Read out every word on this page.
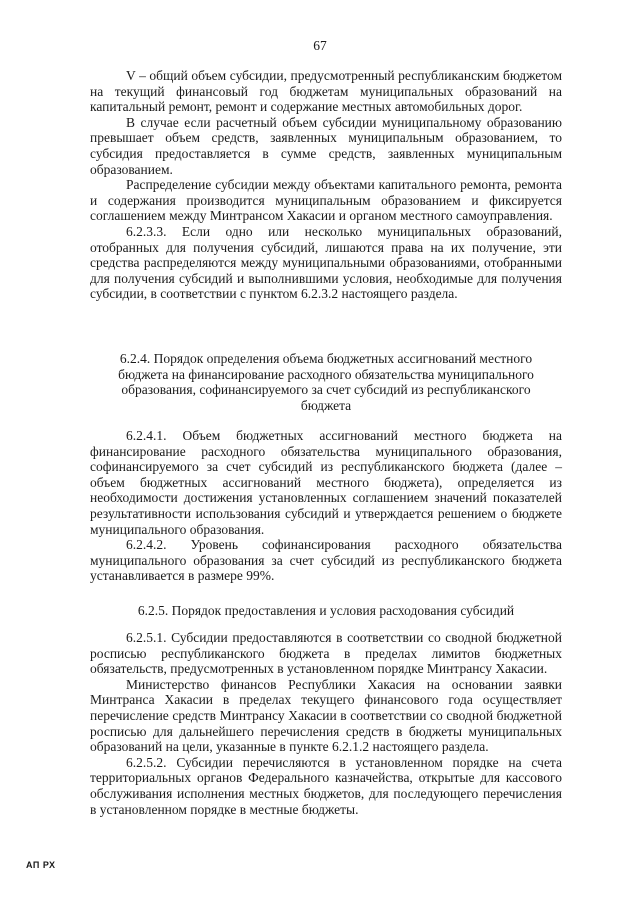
67

V – общий объем субсидии, предусмотренный республиканским бюджетом на текущий финансовый год бюджетам муниципальных образований на капитальный ремонт, ремонт и содержание местных автомобильных дорог.

В случае если расчетный объем субсидии муниципальному образованию превышает объем средств, заявленных муниципальным образованием, то субсидия предоставляется в сумме средств, заявленных муниципальным образованием.

Распределение субсидии между объектами капитального ремонта, ремонта и содержания производится муниципальным образованием и фиксируется соглашением между Минтрансом Хакасии и органом местного самоуправления.

6.2.3.3. Если одно или несколько муниципальных образований, отобранных для получения субсидий, лишаются права на их получение, эти средства распределяются между муниципальными образованиями, отобранными для получения субсидий и выполнившими условия, необходимые для получения субсидии, в соответствии с пунктом 6.2.3.2 настоящего раздела.

6.2.4. Порядок определения объема бюджетных ассигнований местного бюджета на финансирование расходного обязательства муниципального образования, софинансируемого за счет субсидий из республиканского бюджета

6.2.4.1. Объем бюджетных ассигнований местного бюджета на финансирование расходного обязательства муниципального образования, софинансируемого за счет субсидий из республиканского бюджета (далее – объем бюджетных ассигнований местного бюджета), определяется из необходимости достижения установленных соглашением значений показателей результативности использования субсидий и утверждается решением о бюджете муниципального образования.

6.2.4.2. Уровень софинансирования расходного обязательства муниципального образования за счет субсидий из республиканского бюджета устанавливается в размере 99%.

6.2.5. Порядок предоставления и условия расходования субсидий

6.2.5.1. Субсидии предоставляются в соответствии со сводной бюджетной росписью республиканского бюджета в пределах лимитов бюджетных обязательств, предусмотренных в установленном порядке Минтрансу Хакасии.

Министерство финансов Республики Хакасия на основании заявки Минтранса Хакасии в пределах текущего финансового года осуществляет перечисление средств Минтрансу Хакасии в соответствии со сводной бюджетной росписью для дальнейшего перечисления средств в бюджеты муниципальных образований на цели, указанные в пункте 6.2.1.2 настоящего раздела.

6.2.5.2. Субсидии перечисляются в установленном порядке на счета территориальных органов Федерального казначейства, открытые для кассового обслуживания исполнения местных бюджетов, для последующего перечисления в установленном порядке в местные бюджеты.

АП РХ
